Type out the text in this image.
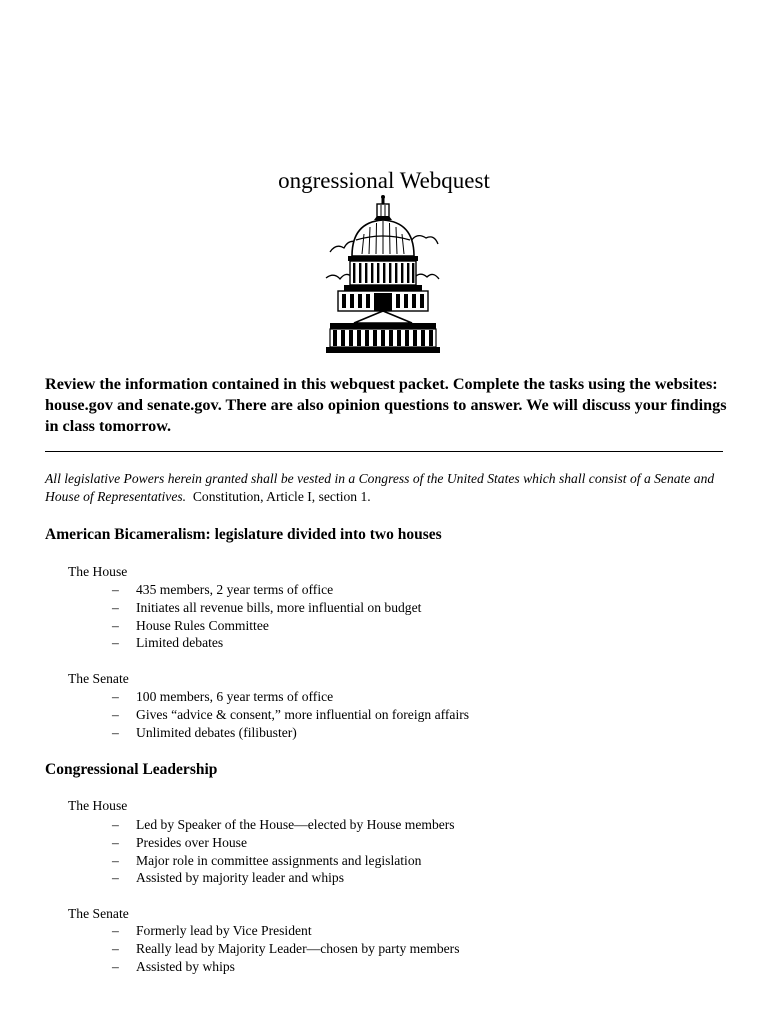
ongressional Webquest
Review the information contained in this webquest packet. Complete the tasks using the websites: house.gov and senate.gov. There are also opinion questions to answer. We will discuss your findings in class tomorrow.
All legislative Powers herein granted shall be vested in a Congress of the United States which shall consist of a Senate and House of Representatives. Constitution, Article I, section 1.
American Bicameralism: legislature divided into two houses
The House
– 435 members, 2 year terms of office
– Initiates all revenue bills, more influential on budget
– House Rules Committee
– Limited debates
The Senate
– 100 members, 6 year terms of office
– Gives “advice & consent,” more influential on foreign affairs
– Unlimited debates (filibuster)
Congressional Leadership
The House
– Led by Speaker of the House—elected by House members
– Presides over House
– Major role in committee assignments and legislation
– Assisted by majority leader and whips
The Senate
– Formerly lead by Vice President
– Really lead by Majority Leader—chosen by party members
– Assisted by whips
